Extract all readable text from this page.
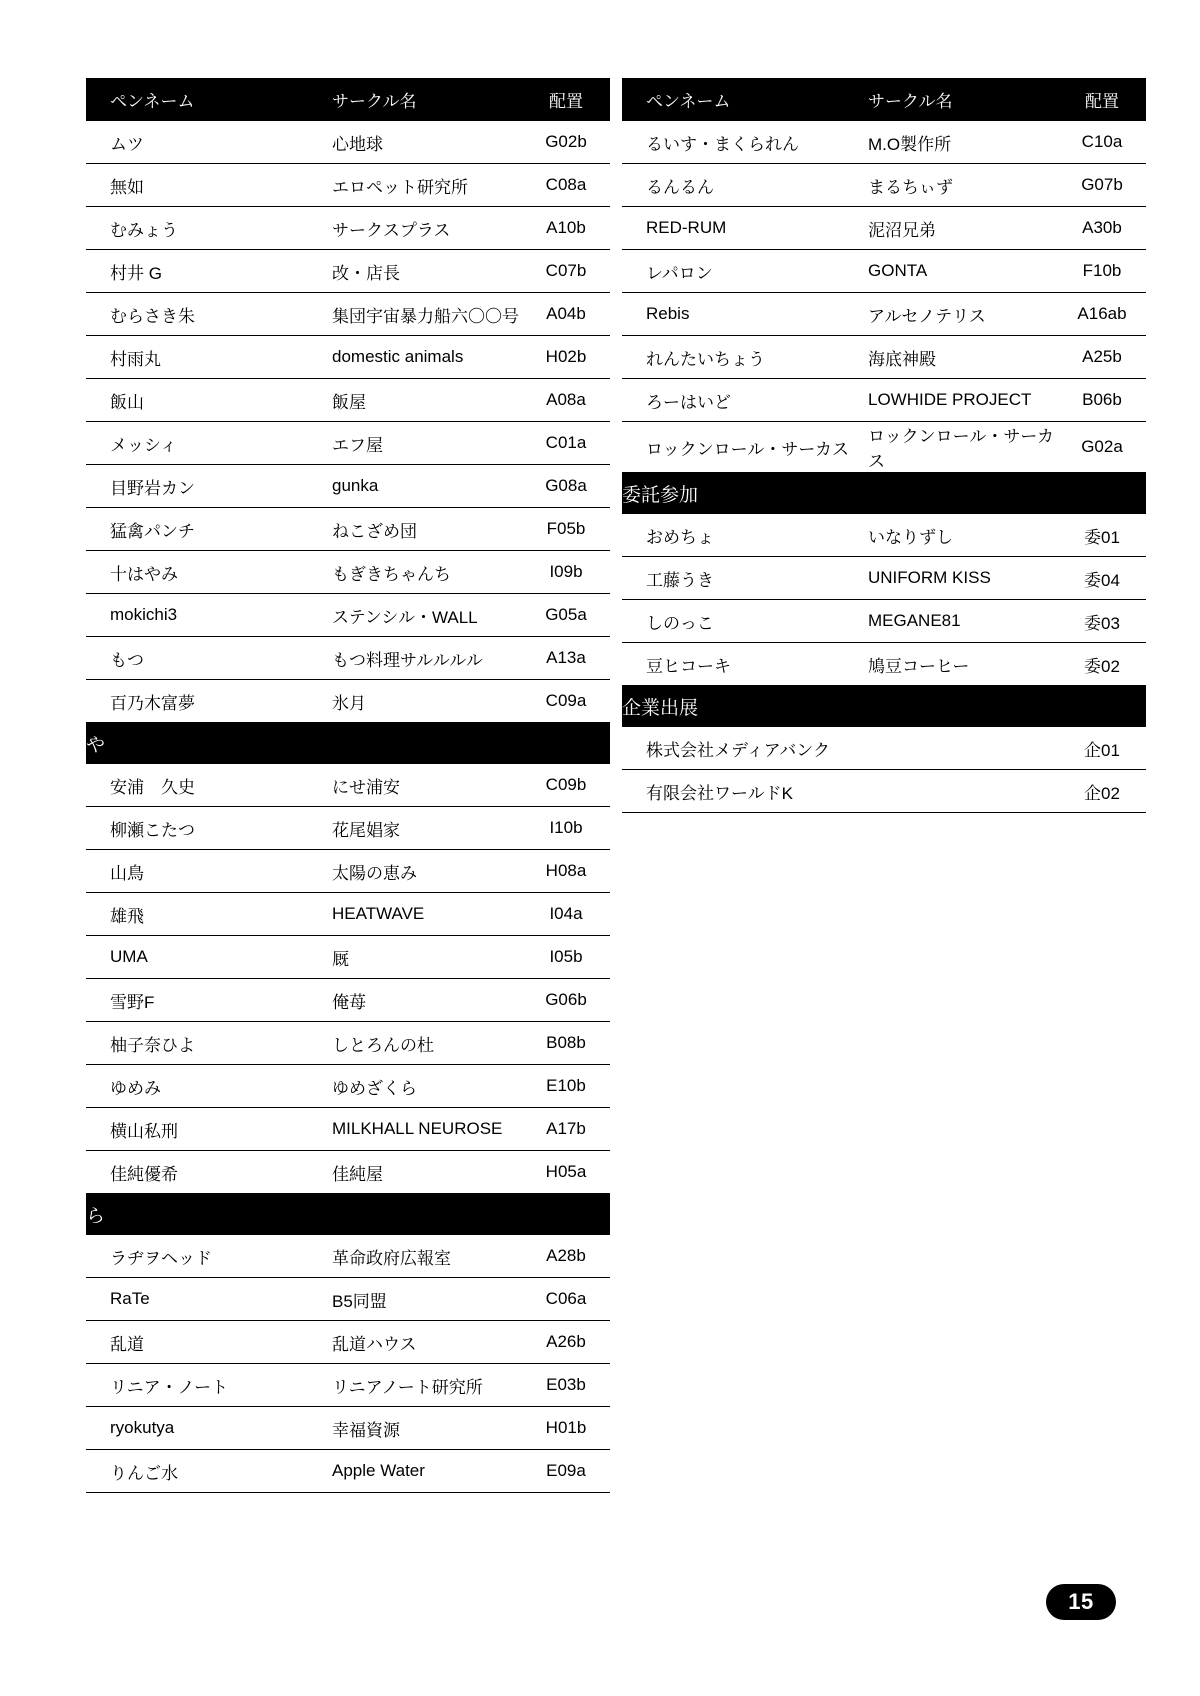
ペンネーム	サークル名	配置
ムツ	心地球	G02b
無如	エロペット研究所	C08a
むみょう	サークスプラス	A10b
村井 G	改・店長	C07b
むらさき朱	集団宇宙暴力船六〇〇号	A04b
村雨丸	domestic animals	H02b
飯山	飯屋	A08a
メッシィ	エフ屋	C01a
目野岩カン	gunka	G08a
猛禽パンチ	ねこざめ団	F05b
十はやみ	もぎきちゃんち	I09b
mokichi3	ステンシル・WALL	G05a
もつ	もつ料理サルルルル	A13a
百乃木富夢	氷月	C09a
や		
安浦　久史	にせ浦安	C09b
柳瀬こたつ	花尾娼家	I10b
山鳥	太陽の恵み	H08a
雄飛	HEATWAVE	I04a
UMA	厩	I05b
雪野F	俺苺	G06b
柚子奈ひよ	しとろんの杜	B08b
ゆめみ	ゆめざくら	E10b
横山私刑	MILKHALL NEUROSE	A17b
佳純優希	佳純屋	H05a
ら		
ラヂヲヘッド	革命政府広報室	A28b
RaTe	B5同盟	C06a
乱道	乱道ハウス	A26b
リニア・ノート	リニアノート研究所	E03b
ryokutya	幸福資源	H01b
りんご水	Apple Water	E09a
ペンネーム	サークル名	配置
るいす・まくられん	M.O製作所	C10a
るんるん	まるちぃず	G07b
RED-RUM	泥沼兄弟	A30b
レパロン	GONTA	F10b
Rebis	アルセノテリス	A16ab
れんたいちょう	海底神殿	A25b
ろーはいど	LOWHIDE PROJECT	B06b
ロックンロール・サーカス	ロックンロール・サーカス	G02a
委託参加		
おめちょ	いなりずし	委01
工藤うき	UNIFORM KISS	委04
しのっこ	MEGANE81	委03
豆ヒコーキ	鳩豆コーヒー	委02
企業出展		
株式会社メディアバンク		企01
有限会社ワールドK		企02
15
